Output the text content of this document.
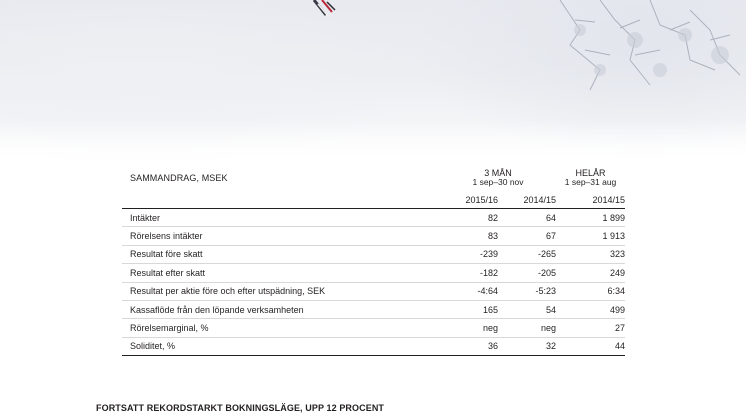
SAMMANDRAG, MSEK	3 MÅN
1 sep–30 nov		HELÅR
1 sep–31 aug

	2015/16	2014/15	2014/15
Intäkter	82	64	1 899
Rörelsens intäkter	83	67	1 913
Resultat före skatt	-239	-265	323
Resultat efter skatt	-182	-205	249
Resultat per aktie före och efter utspädning, SEK	-4:64	-5:23	6:34
Kassaflöde från den löpande verksamheten	165	54	499
Rörelsemarginal, %	neg	neg	27
Soliditet, %	36	32	44
FORTSATT REKORDSTARKT BOKNINGSLÄGE, UPP 12 PROCENT
